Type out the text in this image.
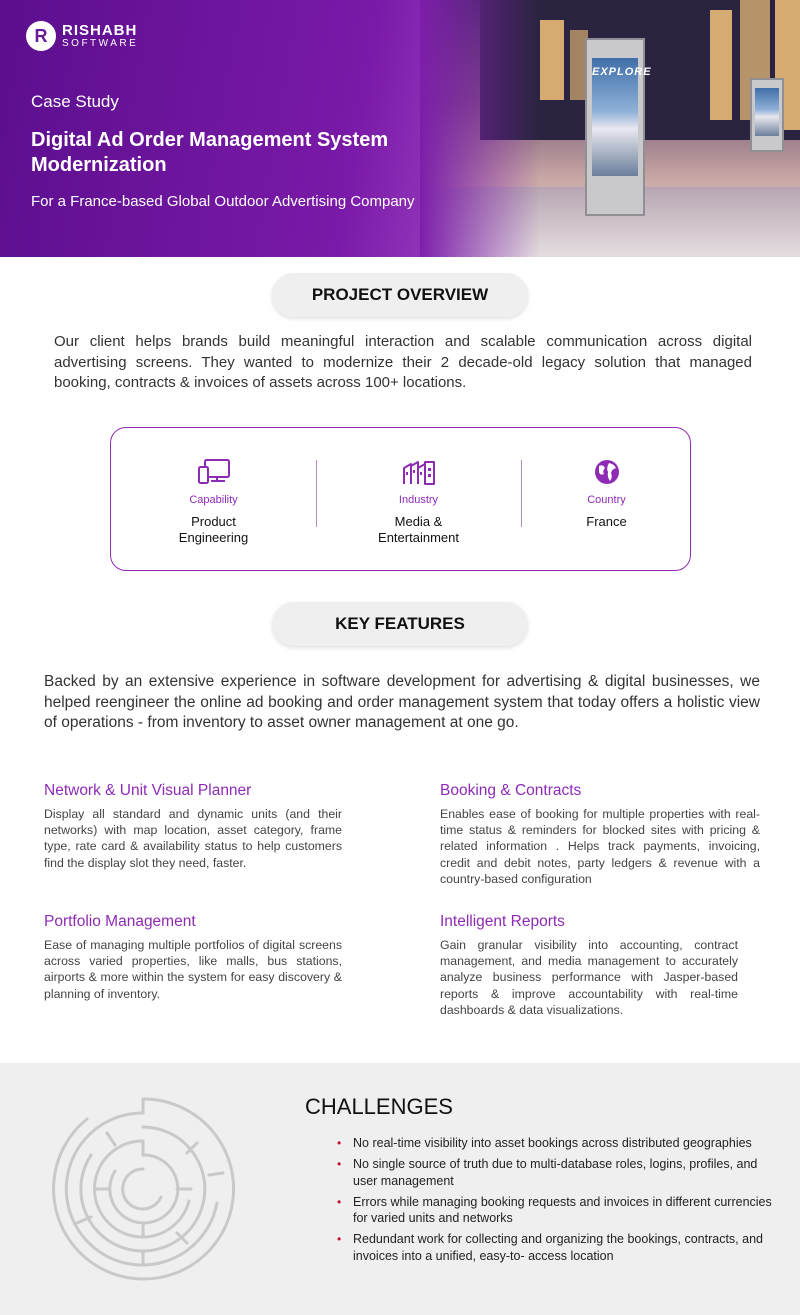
EXPLORE
R RISHABH
SOFTWARE
Case Study
Digital Ad Order Management System Modernization
For a France-based Global Outdoor Advertising Company
PROJECT OVERVIEW
Our client helps brands build meaningful interaction and scalable communication across digital advertising screens. They wanted to modernize their 2 decade-old legacy solution that managed booking, contracts & invoices of assets across 100+ locations.
Capability
Product Engineering
Industry
Media & Entertainment
Country
France
KEY FEATURES
Backed by an extensive experience in software development for advertising & digital businesses, we helped reengineer the online ad booking and order management system that today offers a holistic view of operations - from inventory to asset owner management at one go.
Network & Unit Visual Planner

Display all standard and dynamic units (and their networks) with map location, asset category, frame type, rate card & availability status to help customers find the display slot they need, faster.

Booking & Contracts

Enables ease of booking for multiple properties with real-time status & reminders for blocked sites with pricing & related information . Helps track payments, invoicing, credit and debit notes, party ledgers & revenue with a country-based configuration

Portfolio Management

Ease of managing multiple portfolios of digital screens across varied properties, like malls, bus stations, airports & more within the system for easy discovery & planning of inventory.

Intelligent Reports

Gain granular visibility into accounting, contract management, and media management to accurately analyze business performance with Jasper-based reports & improve accountability with real-time dashboards & data visualizations.

CHALLENGES
• No real-time visibility into asset bookings across distributed geographies
• No single source of truth due to multi-database roles, logins, profiles, and user management
• Errors while managing booking requests and invoices in different currencies for varied units and networks
• Redundant work for collecting and organizing the bookings, contracts, and invoices into a unified, easy-to- access location
